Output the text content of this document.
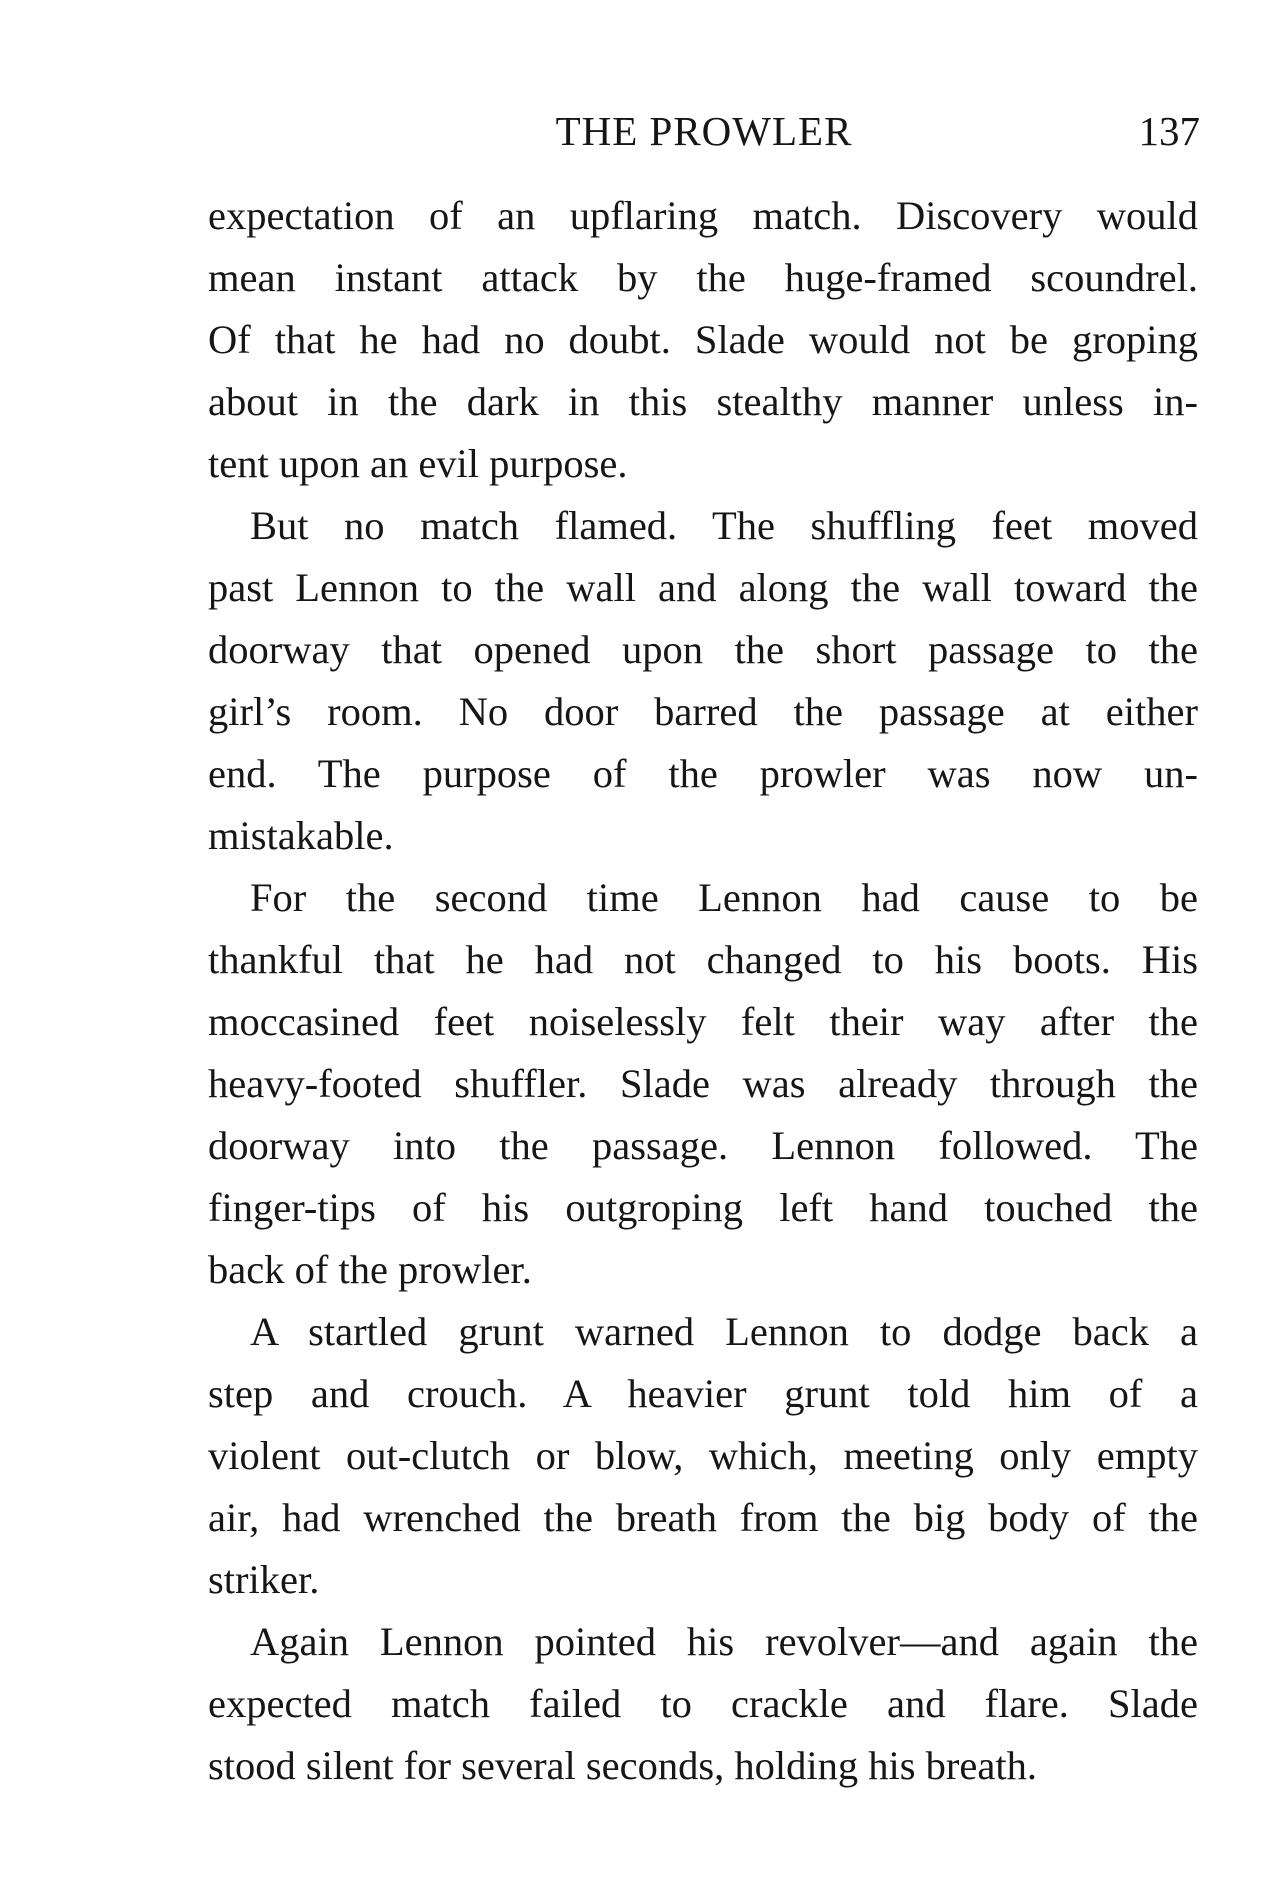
THE PROWLER	137
expectation of an upflaring match. Discovery would
mean instant attack by the huge-framed scoundrel.
Of that he had no doubt. Slade would not be groping
about in the dark in this stealthy manner unless in-
tent upon an evil purpose.
But no match flamed. The shuffling feet moved
past Lennon to the wall and along the wall toward the
doorway that opened upon the short passage to the
girl’s room. No door barred the passage at either
end. The purpose of the prowler was now un-
mistakable.
For the second time Lennon had cause to be
thankful that he had not changed to his boots. His
moccasined feet noiselessly felt their way after the
heavy-footed shuffler. Slade was already through the
doorway into the passage. Lennon followed. The
finger-tips of his outgroping left hand touched the
back of the prowler.
A startled grunt warned Lennon to dodge back a
step and crouch. A heavier grunt told him of a
violent out-clutch or blow, which, meeting only empty
air, had wrenched the breath from the big body of the
striker.
Again Lennon pointed his revolver—and again the
expected match failed to crackle and flare. Slade
stood silent for several seconds, holding his breath.
